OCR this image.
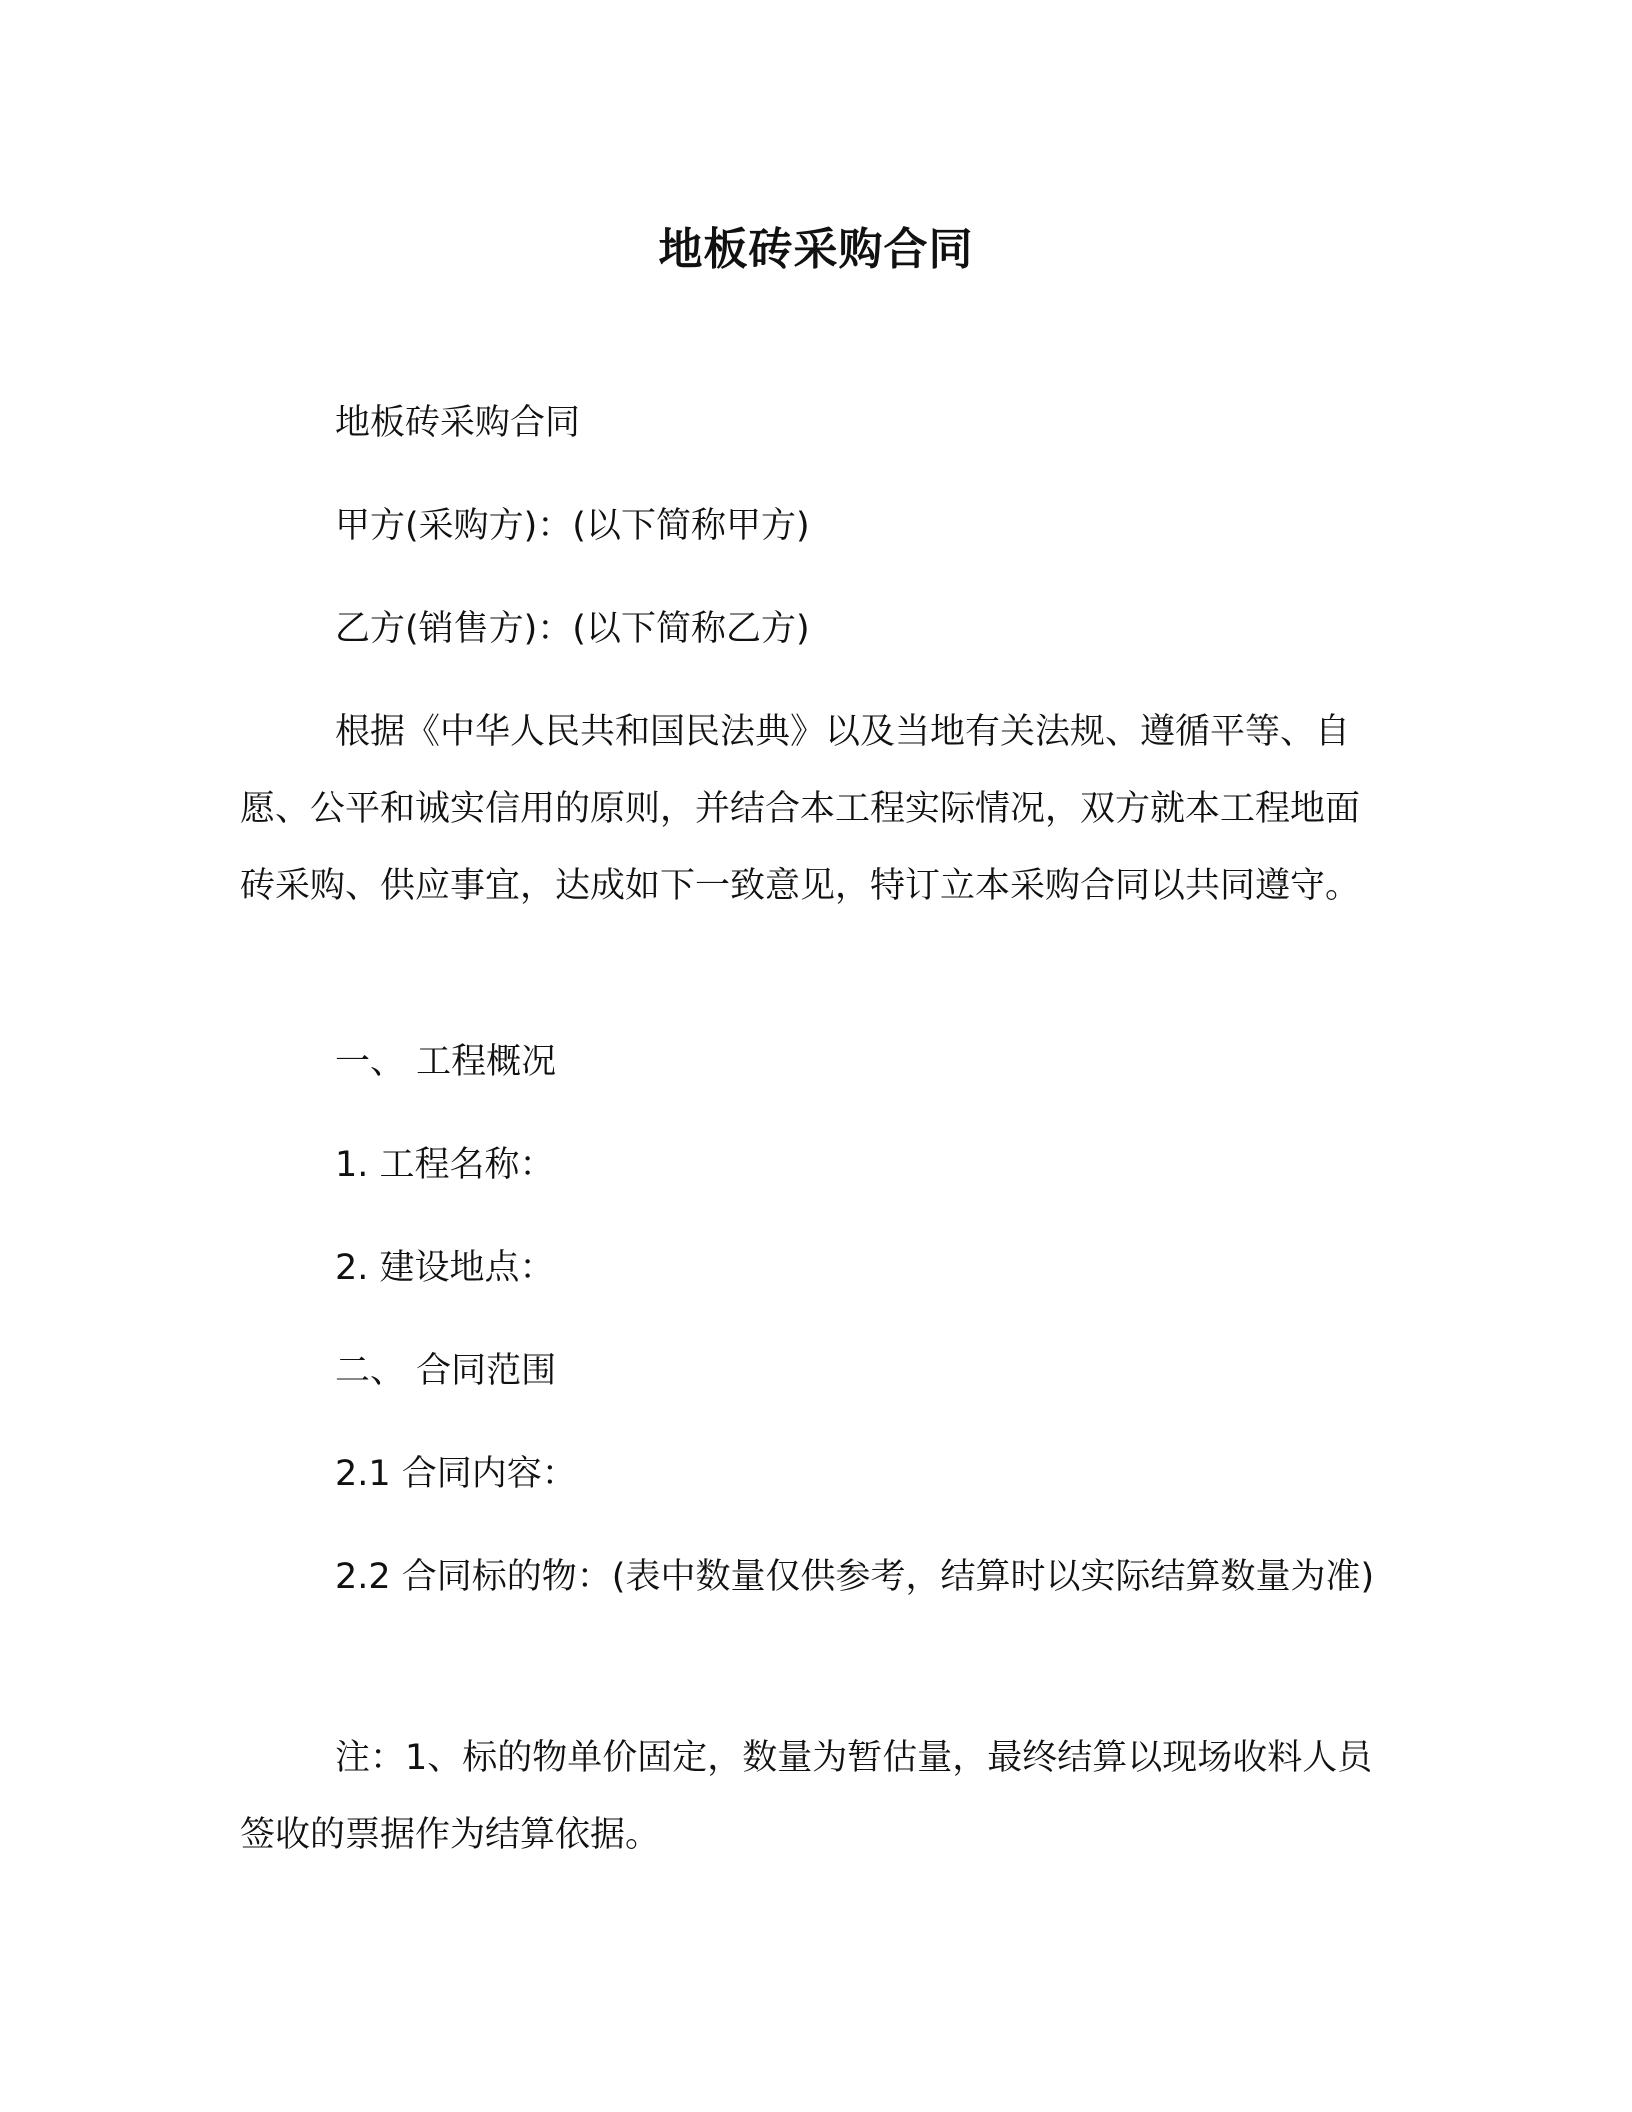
地板砖采购合同

地板砖采购合同

甲方(采购方)：(以下简称甲方)

乙方(销售方)：(以下简称乙方)

根据《中华人民共和国民法典》以及当地有关法规、遵循平等、自愿、公平和诚实信用的原则，并结合本工程实际情况，双方就本工程地面砖采购、供应事宜，达成如下一致意见，特订立本采购合同以共同遵守。

一、 工程概况

1. 工程名称：

2. 建设地点：

二、 合同范围

2.1 合同内容：

2.2 合同标的物：(表中数量仅供参考，结算时以实际结算数量为准)

注：1、标的物单价固定，数量为暂估量，最终结算以现场收料人员签收的票据作为结算依据。
